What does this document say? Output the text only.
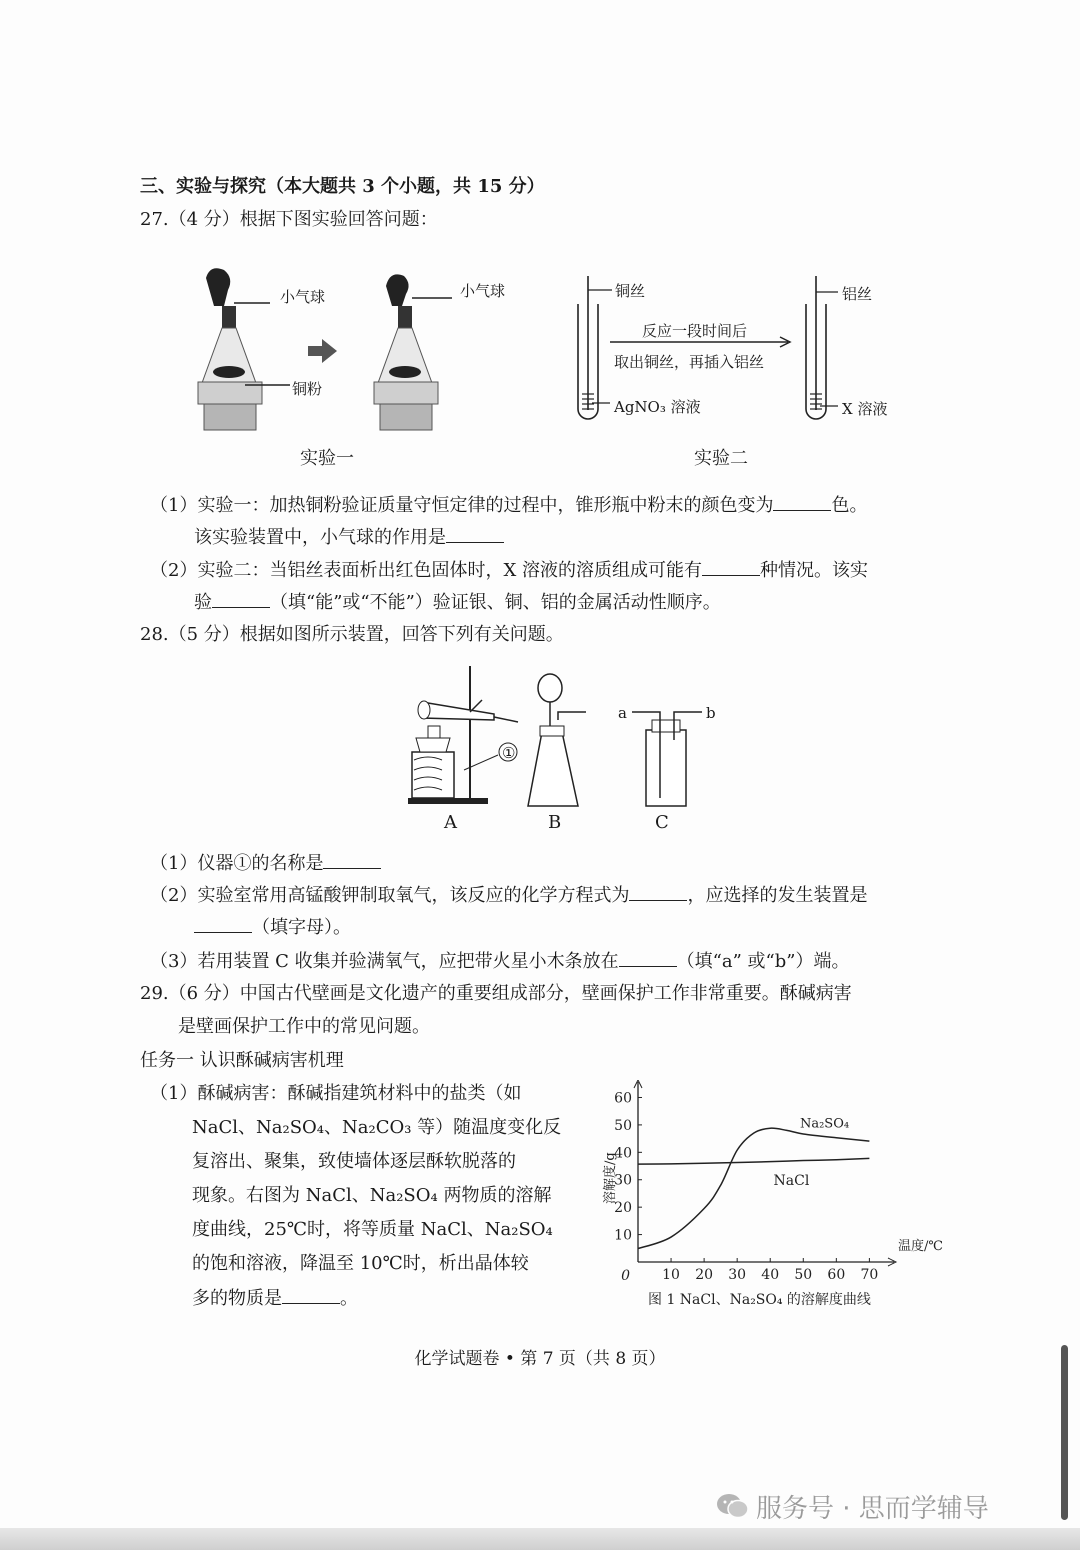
三、实验与探究（本大题共 3 个小题，共 15 分）
27.（4 分）根据下图实验回答问题：
小气球	小气球
铜粉
实验一
铜丝	铝丝
反应一段时间后
取出铜丝，再插入铝丝
AgNO₃ 溶液	X 溶液
实验二
（1）实验一：加热铜粉验证质量守恒定律的过程中，锥形瓶中粉末的颜色变为	色。
该实验装置中，小气球的作用是
（2）实验二：当铝丝表面析出红色固体时，X 溶液的溶质组成可能有	种情况。该实
验	（填“能”或“不能”）验证银、铜、铝的金属活动性顺序。
28.（5 分）根据如图所示装置，回答下列有关问题。
①
a	b
A	B	C
（1）仪器①的名称是
（2）实验室常用高锰酸钾制取氧气，该反应的化学方程式为	，应选择的发生装置是
（填字母）。
（3）若用装置 C 收集并验满氧气，应把带火星小木条放在	（填“a” 或“b”）端。
29.（6 分）中国古代壁画是文化遗产的重要组成部分，壁画保护工作非常重要。酥碱病害
是壁画保护工作中的常见问题。
任务一 认识酥碱病害机理
（1）酥碱病害：酥碱指建筑材料中的盐类（如
NaCl、Na₂SO₄、Na₂CO₃ 等）随温度变化反
复溶出、聚集，致使墙体逐层酥软脱落的
现象。右图为 NaCl、Na₂SO₄ 两物质的溶解
度曲线，25℃时，将等质量 NaCl、Na₂SO₄
的饱和溶液，降温至 10℃时，析出晶体较
多的物质是	。
10 20 30 40 50 60 70
10
20
30
40
50
60
0
温度/℃
溶解度/g
Na₂SO₄
NaCl
图 1 NaCl、Na₂SO₄ 的溶解度曲线
化学试题卷 • 第 7 页（共 8 页）
服务号 · 思而学辅导
